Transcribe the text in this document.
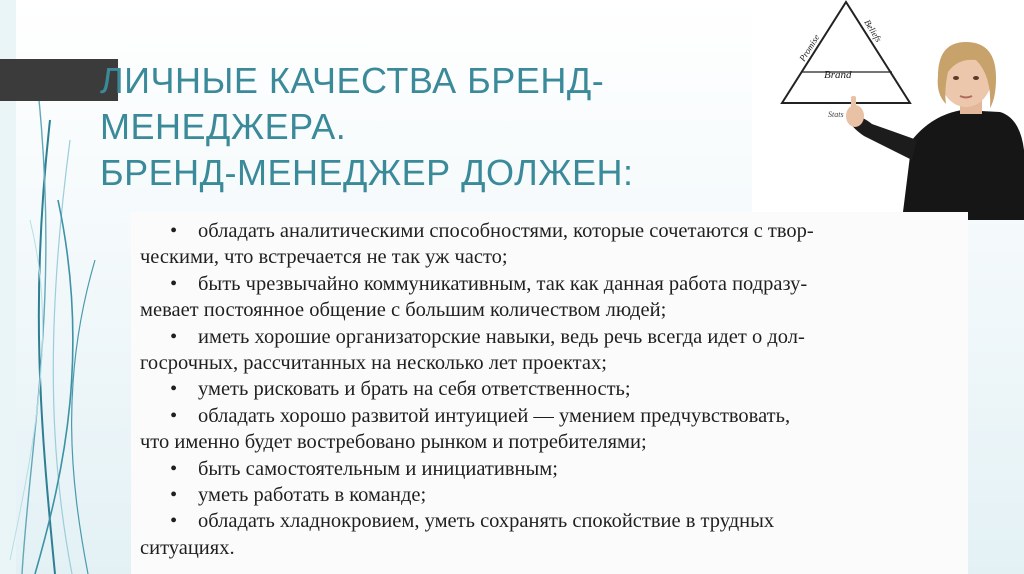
ЛИЧНЫЕ КАЧЕСТВА БРЕНД-
МЕНЕДЖЕРА.
БРЕНД-МЕНЕДЖЕР ДОЛЖЕН:
Brand
Promise
Beliefs
Stats
• обладать аналитическими способностями, которые сочетаются с твор-
ческими, что встречается не так уж часто;
• быть чрезвычайно коммуникативным, так как данная работа подразу-
мевает постоянное общение с большим количеством людей;
• иметь хорошие организаторские навыки, ведь речь всегда идет о дол-
госрочных, рассчитанных на несколько лет проектах;
• уметь рисковать и брать на себя ответственность;
• обладать хорошо развитой интуицией — умением предчувствовать,
что именно будет востребовано рынком и потребителями;
• быть самостоятельным и инициативным;
• уметь работать в команде;
• обладать хладнокровием, уметь сохранять спокойствие в трудных
ситуациях.
